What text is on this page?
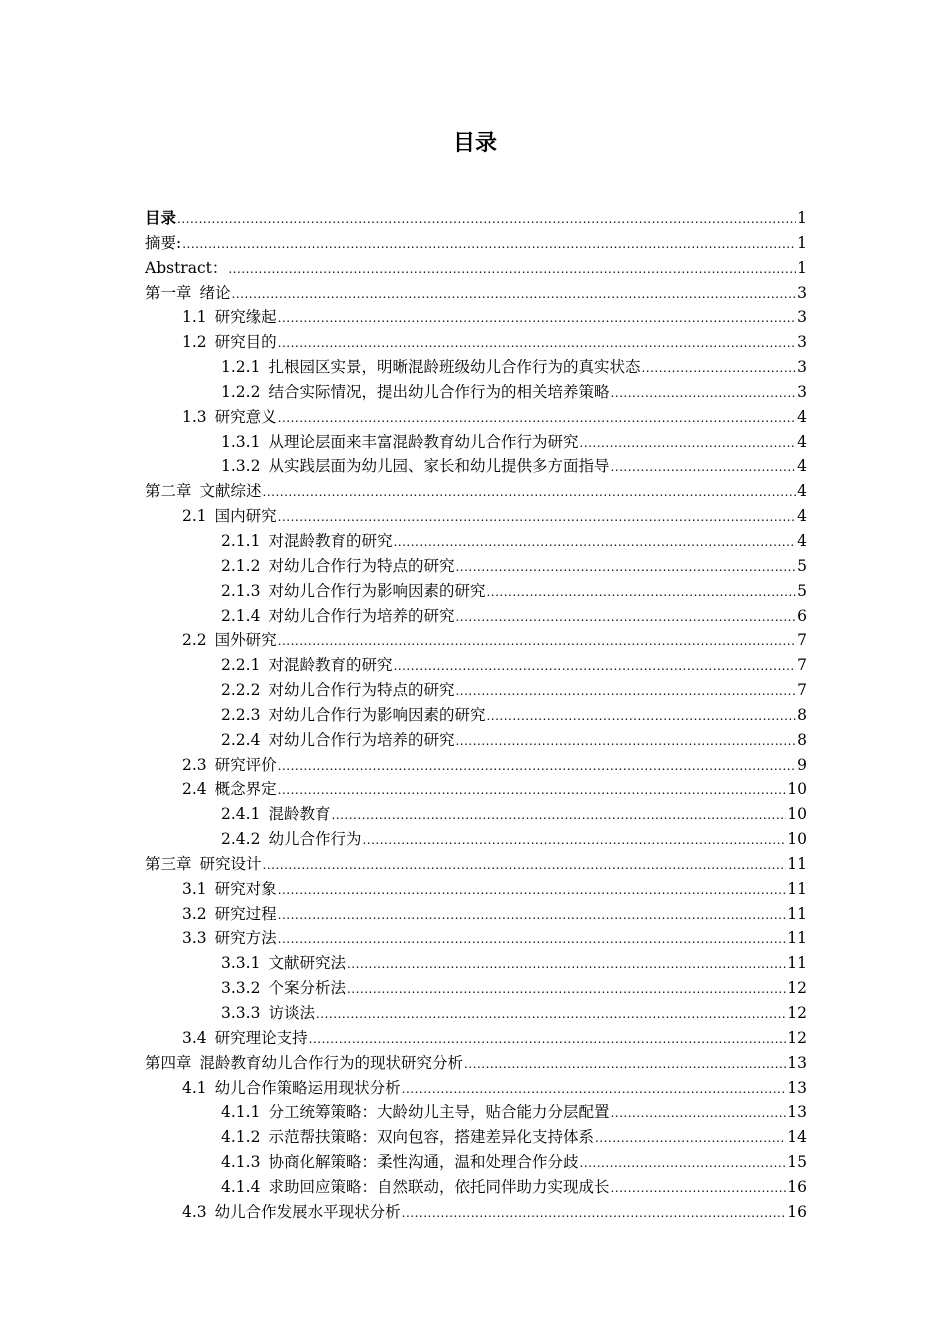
目录
目录 .....	1
摘要: .....	1
Abstract： .....	1
第一章 绪论 .....	3
1.1 研究缘起 .....	3
1.2 研究目的 .....	3
1.2.1 扎根园区实景，明晰混龄班级幼儿合作行为的真实状态 .....	3
1.2.2 结合实际情况，提出幼儿合作行为的相关培养策略 .....	3
1.3 研究意义 .....	4
1.3.1 从理论层面来丰富混龄教育幼儿合作行为研究 .....	4
1.3.2 从实践层面为幼儿园、家长和幼儿提供多方面指导 .....	4
第二章 文献综述 .....	4
2.1 国内研究 .....	4
2.1.1 对混龄教育的研究 .....	4
2.1.2 对幼儿合作行为特点的研究 .....	5
2.1.3 对幼儿合作行为影响因素的研究 .....	5
2.1.4 对幼儿合作行为培养的研究 .....	6
2.2 国外研究 .....	7
2.2.1 对混龄教育的研究 .....	7
2.2.2 对幼儿合作行为特点的研究 .....	7
2.2.3 对幼儿合作行为影响因素的研究 .....	8
2.2.4 对幼儿合作行为培养的研究 .....	8
2.3 研究评价 .....	9
2.4 概念界定 .....	10
2.4.1 混龄教育 .....	10
2.4.2 幼儿合作行为 .....	10
第三章 研究设计 .....	11
3.1 研究对象 .....	11
3.2 研究过程 .....	11
3.3 研究方法 .....	11
3.3.1 文献研究法 .....	11
3.3.2 个案分析法 .....	12
3.3.3 访谈法 .....	12
3.4 研究理论支持 .....	12
第四章 混龄教育幼儿合作行为的现状研究分析 .....	13
4.1 幼儿合作策略运用现状分析 .....	13
4.1.1 分工统筹策略：大龄幼儿主导，贴合能力分层配置 .....	13
4.1.2 示范帮扶策略：双向包容，搭建差异化支持体系 .....	14
4.1.3 协商化解策略：柔性沟通，温和处理合作分歧 .....	15
4.1.4 求助回应策略：自然联动，依托同伴助力实现成长 .....	16
4.3 幼儿合作发展水平现状分析 .....	16
